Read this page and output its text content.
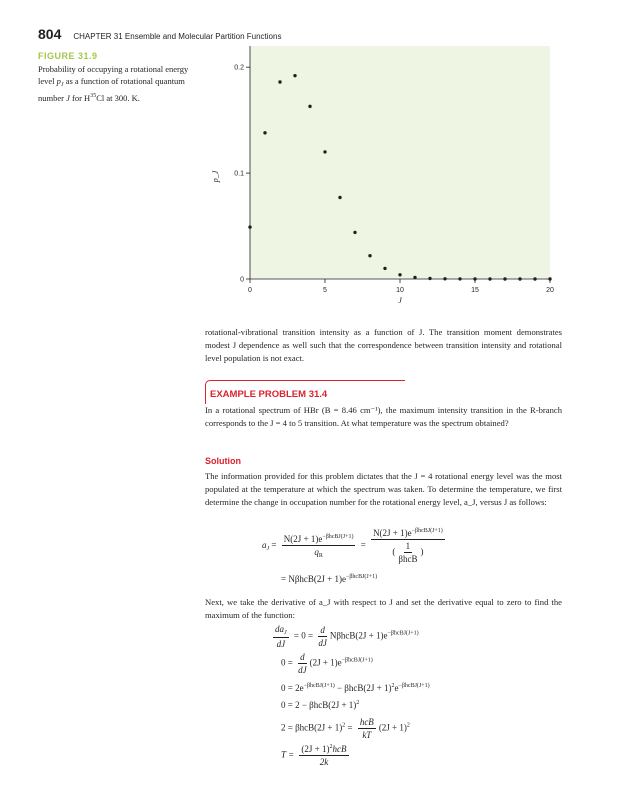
804 CHAPTER 31 Ensemble and Molecular Partition Functions
FIGURE 31.9
Probability of occupying a rotational energy level $p_J$ as a function of rotational quantum number J for $H^{35}Cl$ at 300. K.
0
0.1
0.2
0	5	10	15	20
J
p_J

rotational-vibrational transition intensity as a function of J. The transition moment demonstrates modest J dependence as well such that the correspondence between transition intensity and rotational level population is not exact.

EXAMPLE PROBLEM 31.4

In a rotational spectrum of HBr (B = 8.46 cm⁻¹), the maximum intensity transition in the R-branch corresponds to the J = 4 to 5 transition. At what temperature was the spectrum obtained?

Solution

The information provided for this problem dictates that the J = 4 rotational energy level was the most populated at the temperature at which the spectrum was taken. To determine the temperature, we first determine the change in occupation number for the rotational energy level, a_J, versus J as follows:

$a_J = \frac{N(2J + 1)e^{-\beta hcBJ(J+1)}}{q_R} = \frac{N(2J + 1)e^{-\beta hcBJ(J+1)}}{( \frac{1}{\text{βhcB}} )}$
= $N\beta hcB(2J + 1)e^{-\beta hcBJ(J+1)}$

Next, we take the derivative of a_J with respect to J and set the derivative equal to zero to find the maximum of the function:

$\frac{da_J}{dJ} = 0 = \frac{d}{dJ} N\beta hcB(2J + 1)e^{-\beta hcBJ(J+1)}$
$0 = \frac{d}{dJ} (2J + 1)e^{-\beta hcBJ(J+1)}$
$0 = 2e^{-\beta hcBJ(J+1)} - \beta hcB(2J + 1)^2e^{-\beta hcBJ(J+1)}$
$0 = 2 - \beta hcB(2J + 1)^2$
$2 = \beta hcB(2J + 1)^2 = \frac{\text{hcB}}{kT} (2J + 1)^2$
$T = \frac{(2J + 1)^2hcB}{2k}$
